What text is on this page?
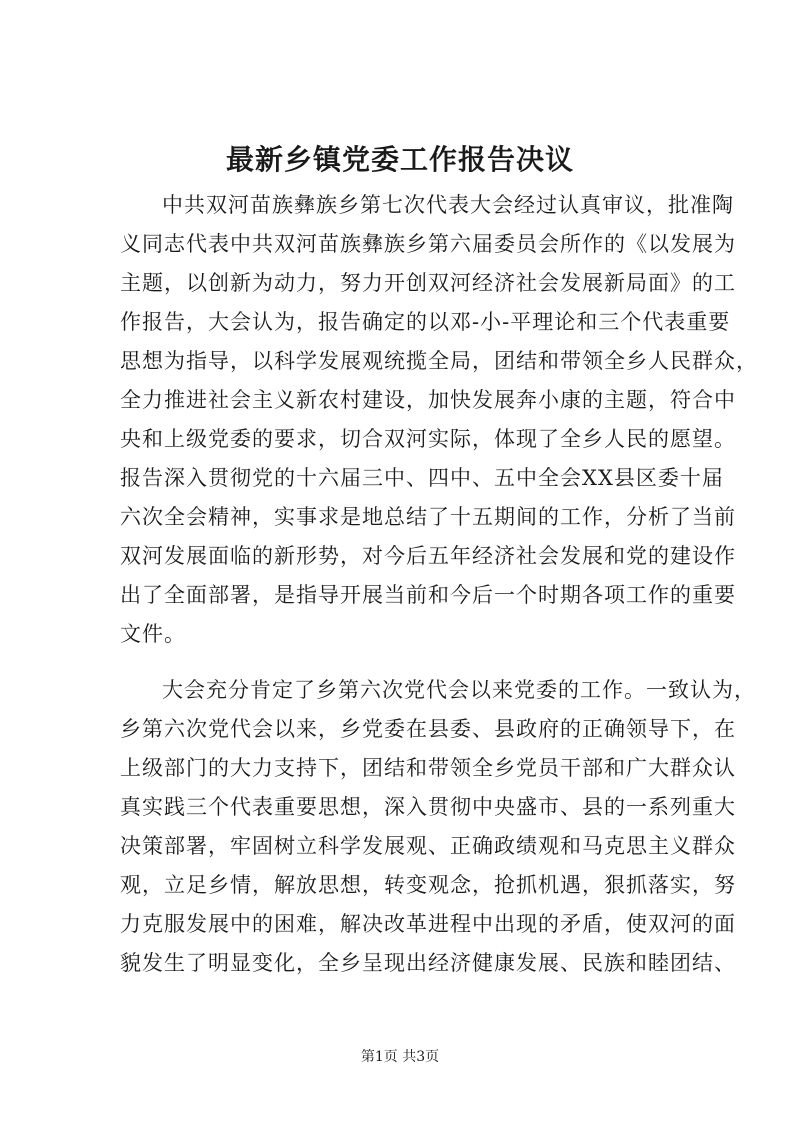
最新乡镇党委工作报告决议
中共双河苗族彝族乡第七次代表大会经过认真审议，批准陶
义同志代表中共双河苗族彝族乡第六届委员会所作的《以发展为
主题，以创新为动力，努力开创双河经济社会发展新局面》的工
作报告，大会认为，报告确定的以邓-小-平理论和三个代表重要
思想为指导，以科学发展观统揽全局，团结和带领全乡人民群众，
全力推进社会主义新农村建设，加快发展奔小康的主题，符合中
央和上级党委的要求，切合双河实际，体现了全乡人民的愿望。
报告深入贯彻党的十六届三中、四中、五中全会XX县区委十届
六次全会精神，实事求是地总结了十五期间的工作，分析了当前
双河发展面临的新形势，对今后五年经济社会发展和党的建设作
出了全面部署，是指导开展当前和今后一个时期各项工作的重要
文件。
大会充分肯定了乡第六次党代会以来党委的工作。一致认为，
乡第六次党代会以来，乡党委在县委、县政府的正确领导下，在
上级部门的大力支持下，团结和带领全乡党员干部和广大群众认
真实践三个代表重要思想，深入贯彻中央盛市、县的一系列重大
决策部署，牢固树立科学发展观、正确政绩观和马克思主义群众
观，立足乡情，解放思想，转变观念，抢抓机遇，狠抓落实，努
力克服发展中的困难，解决改革进程中出现的矛盾，使双河的面
貌发生了明显变化，全乡呈现出经济健康发展、民族和睦团结、
第1页 共3页
